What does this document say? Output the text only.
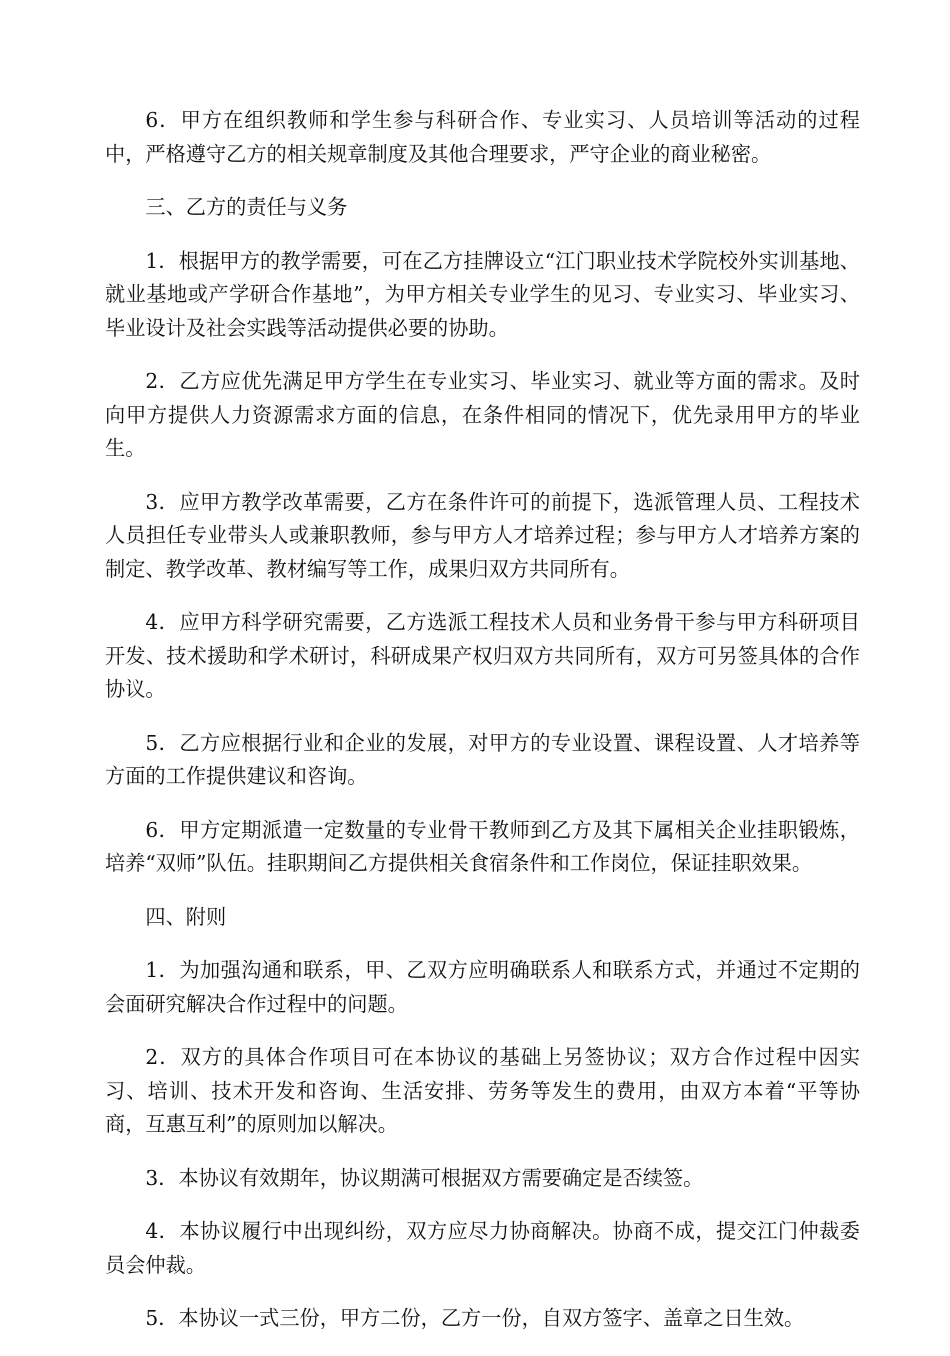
6．甲方在组织教师和学生参与科研合作、专业实习、人员培训等活动的过程中，严格遵守乙方的相关规章制度及其他合理要求，严守企业的商业秘密。

三、乙方的责任与义务

1．根据甲方的教学需要，可在乙方挂牌设立“江门职业技术学院校外实训基地、就业基地或产学研合作基地”，为甲方相关专业学生的见习、专业实习、毕业实习、毕业设计及社会实践等活动提供必要的协助。

2．乙方应优先满足甲方学生在专业实习、毕业实习、就业等方面的需求。及时向甲方提供人力资源需求方面的信息，在条件相同的情况下，优先录用甲方的毕业生。

3．应甲方教学改革需要，乙方在条件许可的前提下，选派管理人员、工程技术人员担任专业带头人或兼职教师，参与甲方人才培养过程；参与甲方人才培养方案的制定、教学改革、教材编写等工作，成果归双方共同所有。

4．应甲方科学研究需要，乙方选派工程技术人员和业务骨干参与甲方科研项目开发、技术援助和学术研讨，科研成果产权归双方共同所有，双方可另签具体的合作协议。

5．乙方应根据行业和企业的发展，对甲方的专业设置、课程设置、人才培养等方面的工作提供建议和咨询。

6．甲方定期派遣一定数量的专业骨干教师到乙方及其下属相关企业挂职锻炼，培养“双师”队伍。挂职期间乙方提供相关食宿条件和工作岗位，保证挂职效果。

四、附则

1．为加强沟通和联系，甲、乙双方应明确联系人和联系方式，并通过不定期的会面研究解决合作过程中的问题。

2．双方的具体合作项目可在本协议的基础上另签协议；双方合作过程中因实习、培训、技术开发和咨询、生活安排、劳务等发生的费用，由双方本着“平等协商，互惠互利”的原则加以解决。

3．本协议有效期年，协议期满可根据双方需要确定是否续签。

4．本协议履行中出现纠纷，双方应尽力协商解决。协商不成，提交江门仲裁委员会仲裁。

5．本协议一式三份，甲方二份，乙方一份，自双方签字、盖章之日生效。
